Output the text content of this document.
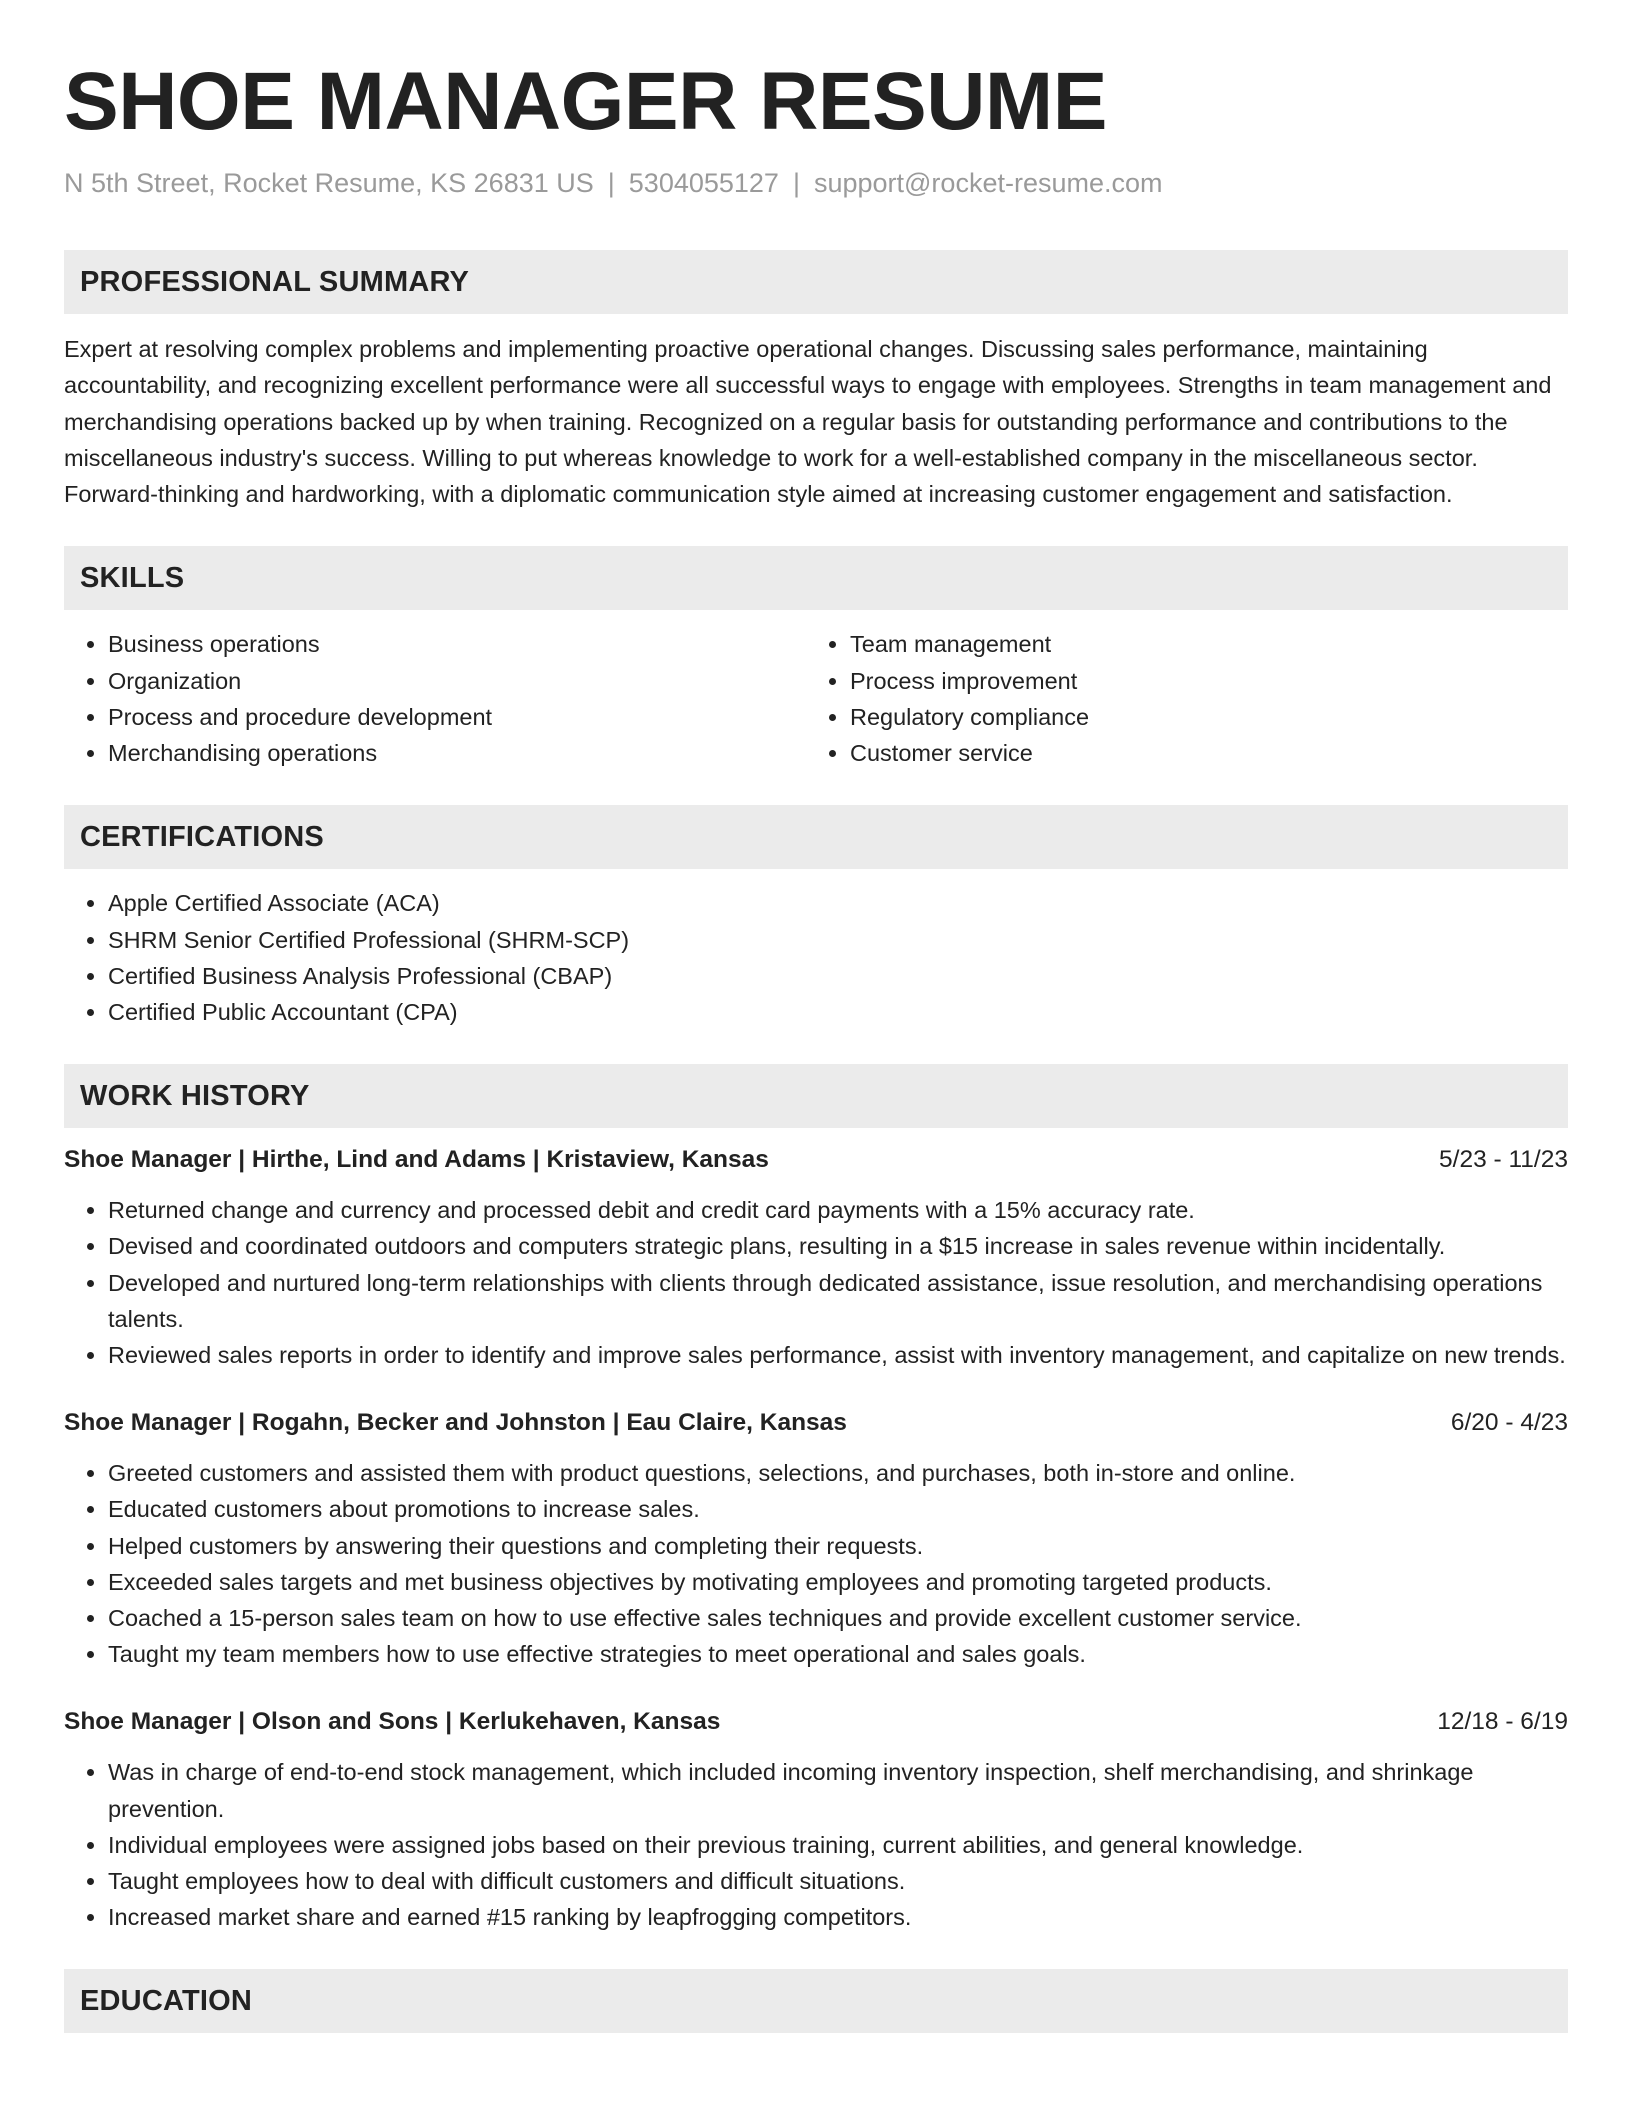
SHOE MANAGER RESUME
N 5th Street, Rocket Resume, KS 26831 US | 5304055127 | support@rocket-resume.com
PROFESSIONAL SUMMARY

Expert at resolving complex problems and implementing proactive operational changes. Discussing sales performance, maintaining accountability, and recognizing excellent performance were all successful ways to engage with employees. Strengths in team management and merchandising operations backed up by when training. Recognized on a regular basis for outstanding performance and contributions to the miscellaneous industry's success. Willing to put whereas knowledge to work for a well-established company in the miscellaneous sector. Forward-thinking and hardworking, with a diplomatic communication style aimed at increasing customer engagement and satisfaction.

SKILLS
• Business operations
• Organization
• Process and procedure development
• Merchandising operations
• Team management
• Process improvement
• Regulatory compliance
• Customer service
CERTIFICATIONS
• Apple Certified Associate (ACA)
• SHRM Senior Certified Professional (SHRM-SCP)
• Certified Business Analysis Professional (CBAP)
• Certified Public Accountant (CPA)
WORK HISTORY
Shoe Manager | Hirthe, Lind and Adams | Kristaview, Kansas	5/23 - 11/23
• Returned change and currency and processed debit and credit card payments with a 15% accuracy rate.
• Devised and coordinated outdoors and computers strategic plans, resulting in a $15 increase in sales revenue within incidentally.
• Developed and nurtured long-term relationships with clients through dedicated assistance, issue resolution, and merchandising operations talents.
• Reviewed sales reports in order to identify and improve sales performance, assist with inventory management, and capitalize on new trends.
Shoe Manager | Rogahn, Becker and Johnston | Eau Claire, Kansas	6/20 - 4/23
• Greeted customers and assisted them with product questions, selections, and purchases, both in-store and online.
• Educated customers about promotions to increase sales.
• Helped customers by answering their questions and completing their requests.
• Exceeded sales targets and met business objectives by motivating employees and promoting targeted products.
• Coached a 15-person sales team on how to use effective sales techniques and provide excellent customer service.
• Taught my team members how to use effective strategies to meet operational and sales goals.
Shoe Manager | Olson and Sons | Kerlukehaven, Kansas	12/18 - 6/19
• Was in charge of end-to-end stock management, which included incoming inventory inspection, shelf merchandising, and shrinkage prevention.
• Individual employees were assigned jobs based on their previous training, current abilities, and general knowledge.
• Taught employees how to deal with difficult customers and difficult situations.
• Increased market share and earned #15 ranking by leapfrogging competitors.
EDUCATION
